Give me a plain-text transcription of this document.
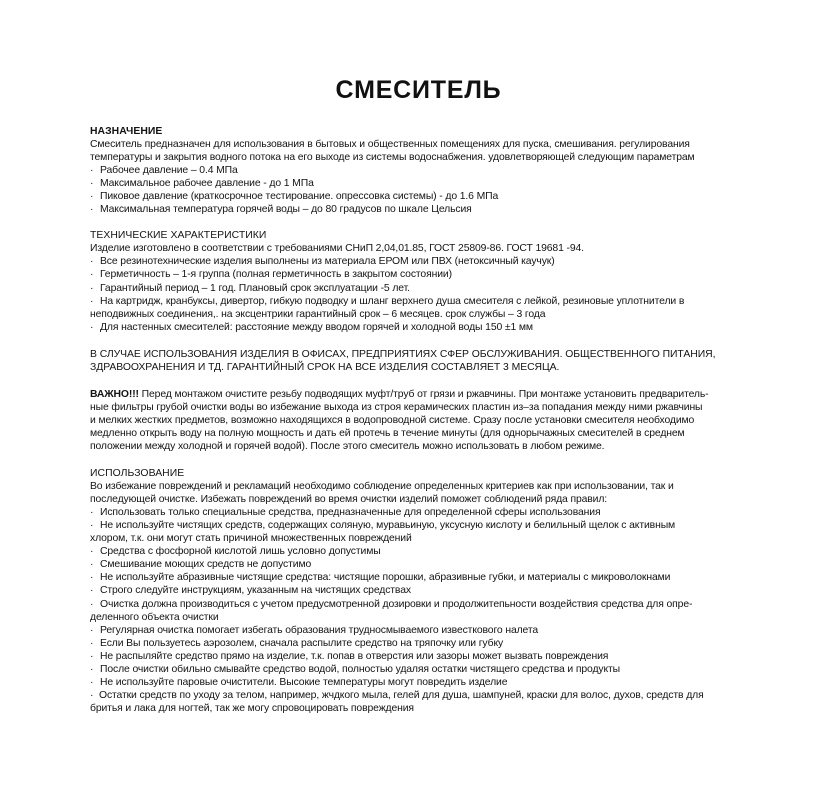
СМЕСИТЕЛЬ
НАЗНАЧЕНИЕ
Смеситель предназначен для использования в бытовых и общественных помещениях для пуска, смешивания. регулирования
температуры и закрытия водного потока на его выходе из системы водоснабжения. удовлетворяющей следующим параметрам
· Рабочее давление – 0.4 МПа
· Максимальное рабочее давление - до 1 МПа
· Пиковое давление (краткосрочное тестирование. опрессовка системы) - до 1.6 МПа
· Максимальная температура горячей воды – до 80 градусов по шкале Цельсия
ТЕХНИЧЕСКИЕ ХАРАКТЕРИСТИКИ
Изделие изготовлено в соответствии с требованиями СНиП 2,04,01.85, ГОСТ 25809-86. ГОСТ 19681 -94.
· Все резинотехнические изделия выполнены из материала ЕРОМ или ПВХ (нетоксичный каучук)
· Герметичность – 1-я группа (полная герметичность в закрытом состоянии)
· Гарантийный период – 1 год. Плановый срок эксплуатации -5 лет.
· На картридж, кранбуксы, дивертор, гибкую подводку и шланг верхнего душа смесителя с лейкой, резиновые уплотнители в
неподвижных соединения,. на эксцентрики гарантийный срок – 6 месяцев. срок службы – 3 года
· Для настенных смесителей: расстояние между вводом горячей и холодной воды 150 ±1 мм
В СЛУЧАЕ ИСПОЛЬЗОВАНИЯ ИЗДЕЛИЯ В ОФИСАХ, ПРЕДПРИЯТИЯХ СФЕР ОБСЛУЖИВАНИЯ. ОБЩЕСТВЕННОГО ПИТАНИЯ,
ЗДРАВООХРАНЕНИЯ И ТД. ГАРАНТИЙНЫЙ СРОК НА ВСЕ ИЗДЕЛИЯ СОСТАВЛЯЕТ 3 МЕСЯЦА.
ВАЖНО!!! Перед монтажом очистите резьбу подводящих муфт/труб от грязи и ржавчины. При монтаже установить предваритель-
ные фильтры грубой очистки воды во избежание выхода из строя керамических пластин из–за попадания между ними ржавчины
и мелких жестких предметов, возможно находящихся в водопроводной системе. Сразу после установки смесителя необходимо
медленно открыть воду на полную мощность и дать ей протечь в течение минуты (для однорычажных смесителей в среднем
положении между холодной и горячей водой). После этого смеситель можно использовать в любом режиме.
ИСПОЛЬЗОВАНИЕ
Во избежание повреждений и рекламаций необходимо соблюдение определенных критериев как при использовании, так и
последующей очистке. Избежать повреждений во время очистки изделий поможет соблюдений ряда правил:
· Использовать только специальные средства, предназначенные для определенной сферы использования
· Не используйте чистящих средств, содержащих соляную, муравьиную, уксусную кислоту и белильный щелок с активным
хлором, т.к. они могут стать причиной множественных повреждений
· Средства с фосфорной кислотой лишь условно допустимы
· Смешивание моющих средств не допустимо
· Не используйте абразивные чистящие средства: чистящие порошки, абразивные губки, и материалы с микроволокнами
· Строго следуйте инструкциям, указанным на чистящих средствах
· Очистка должна производиться с учетом предусмотренной дозировки и продолжитепьности воздействия средства для опре-
деленного объекта очистки
· Регулярная очистка помогает избегать образования трудносмываемого известкового налета
· Если Вы пользуетесь аэрозолем, сначала распылите средство на тряпочку или губку
· Не распыляйте средство прямо на изделие, т.к. попав в отверстия или зазоры может вызвать повреждения
· После очистки обильно смывайте средство водой, полностью удаляя остатки чистящего средства и продукты
· Не используйте паровые очистители. Высокие температуры могут повредить изделие
· Остатки средств по уходу за телом, например, жчдкого мыла, гелей для душа, шампуней, краски для волос, духов, средств для
бритья и лака для ногтей, так же могу спровоцировать повреждения
